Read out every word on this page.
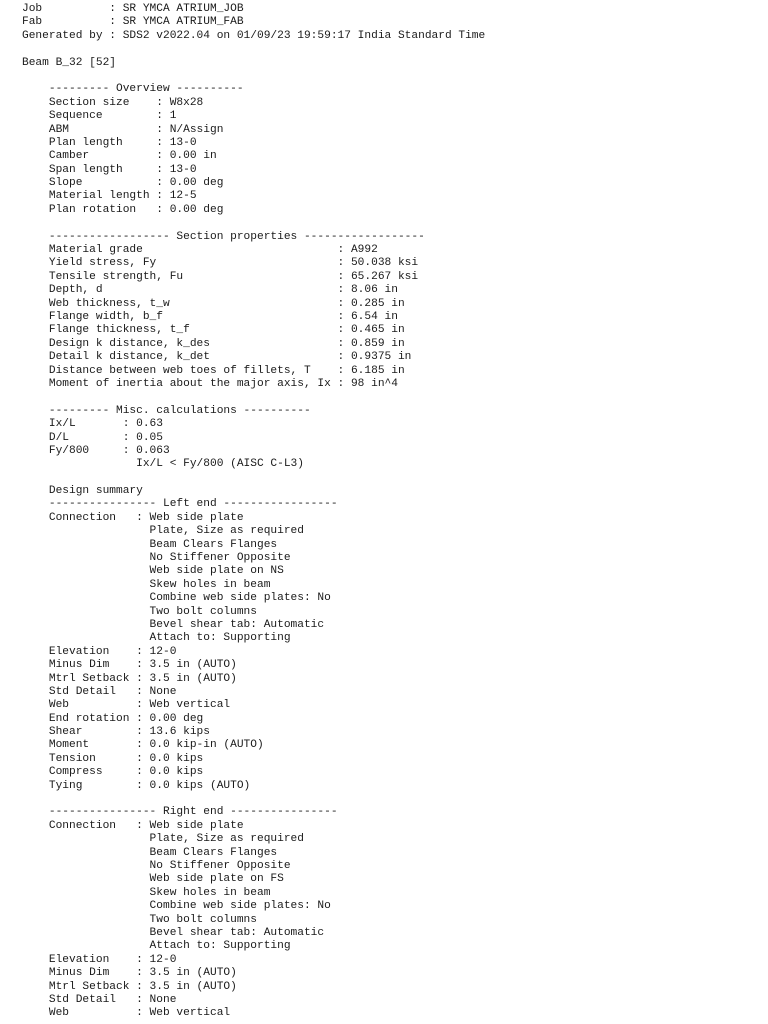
Job          : SR YMCA ATRIUM_JOB
Fab          : SR YMCA ATRIUM_FAB
Generated by : SDS2 v2022.04 on 01/09/23 19:59:17 India Standard Time
Beam B_32 [52]
--------- Overview ----------
Section size    : W8x28
Sequence        : 1
ABM             : N/Assign
Plan length     : 13-0
Camber          : 0.00 in
Span length     : 13-0
Slope           : 0.00 deg
Material length : 12-5
Plan rotation   : 0.00 deg
------------------ Section properties ------------------
Material grade                             : A992
Yield stress, Fy                           : 50.038 ksi
Tensile strength, Fu                       : 65.267 ksi
Depth, d                                   : 8.06 in
Web thickness, t_w                         : 0.285 in
Flange width, b_f                          : 6.54 in
Flange thickness, t_f                      : 0.465 in
Design k distance, k_des                   : 0.859 in
Detail k distance, k_det                   : 0.9375 in
Distance between web toes of fillets, T    : 6.185 in
Moment of inertia about the major axis, Ix : 98 in^4
--------- Misc. calculations ----------
Ix/L       : 0.63
D/L        : 0.05
Fy/800     : 0.063
Ix/L < Fy/800 (AISC C-L3)
Design summary
---------------- Left end -----------------
Connection   : Web side plate
Plate, Size as required
Beam Clears Flanges
No Stiffener Opposite
Web side plate on NS
Skew holes in beam
Combine web side plates: No
Two bolt columns
Bevel shear tab: Automatic
Attach to: Supporting
Elevation    : 12-0
Minus Dim    : 3.5 in (AUTO)
Mtrl Setback : 3.5 in (AUTO)
Std Detail   : None
Web          : Web vertical
End rotation : 0.00 deg
Shear        : 13.6 kips
Moment       : 0.0 kip-in (AUTO)
Tension      : 0.0 kips
Compress     : 0.0 kips
Tying        : 0.0 kips (AUTO)
---------------- Right end ----------------
Connection   : Web side plate
Plate, Size as required
Beam Clears Flanges
No Stiffener Opposite
Web side plate on FS
Skew holes in beam
Combine web side plates: No
Two bolt columns
Bevel shear tab: Automatic
Attach to: Supporting
Elevation    : 12-0
Minus Dim    : 3.5 in (AUTO)
Mtrl Setback : 3.5 in (AUTO)
Std Detail   : None
Web          : Web vertical
